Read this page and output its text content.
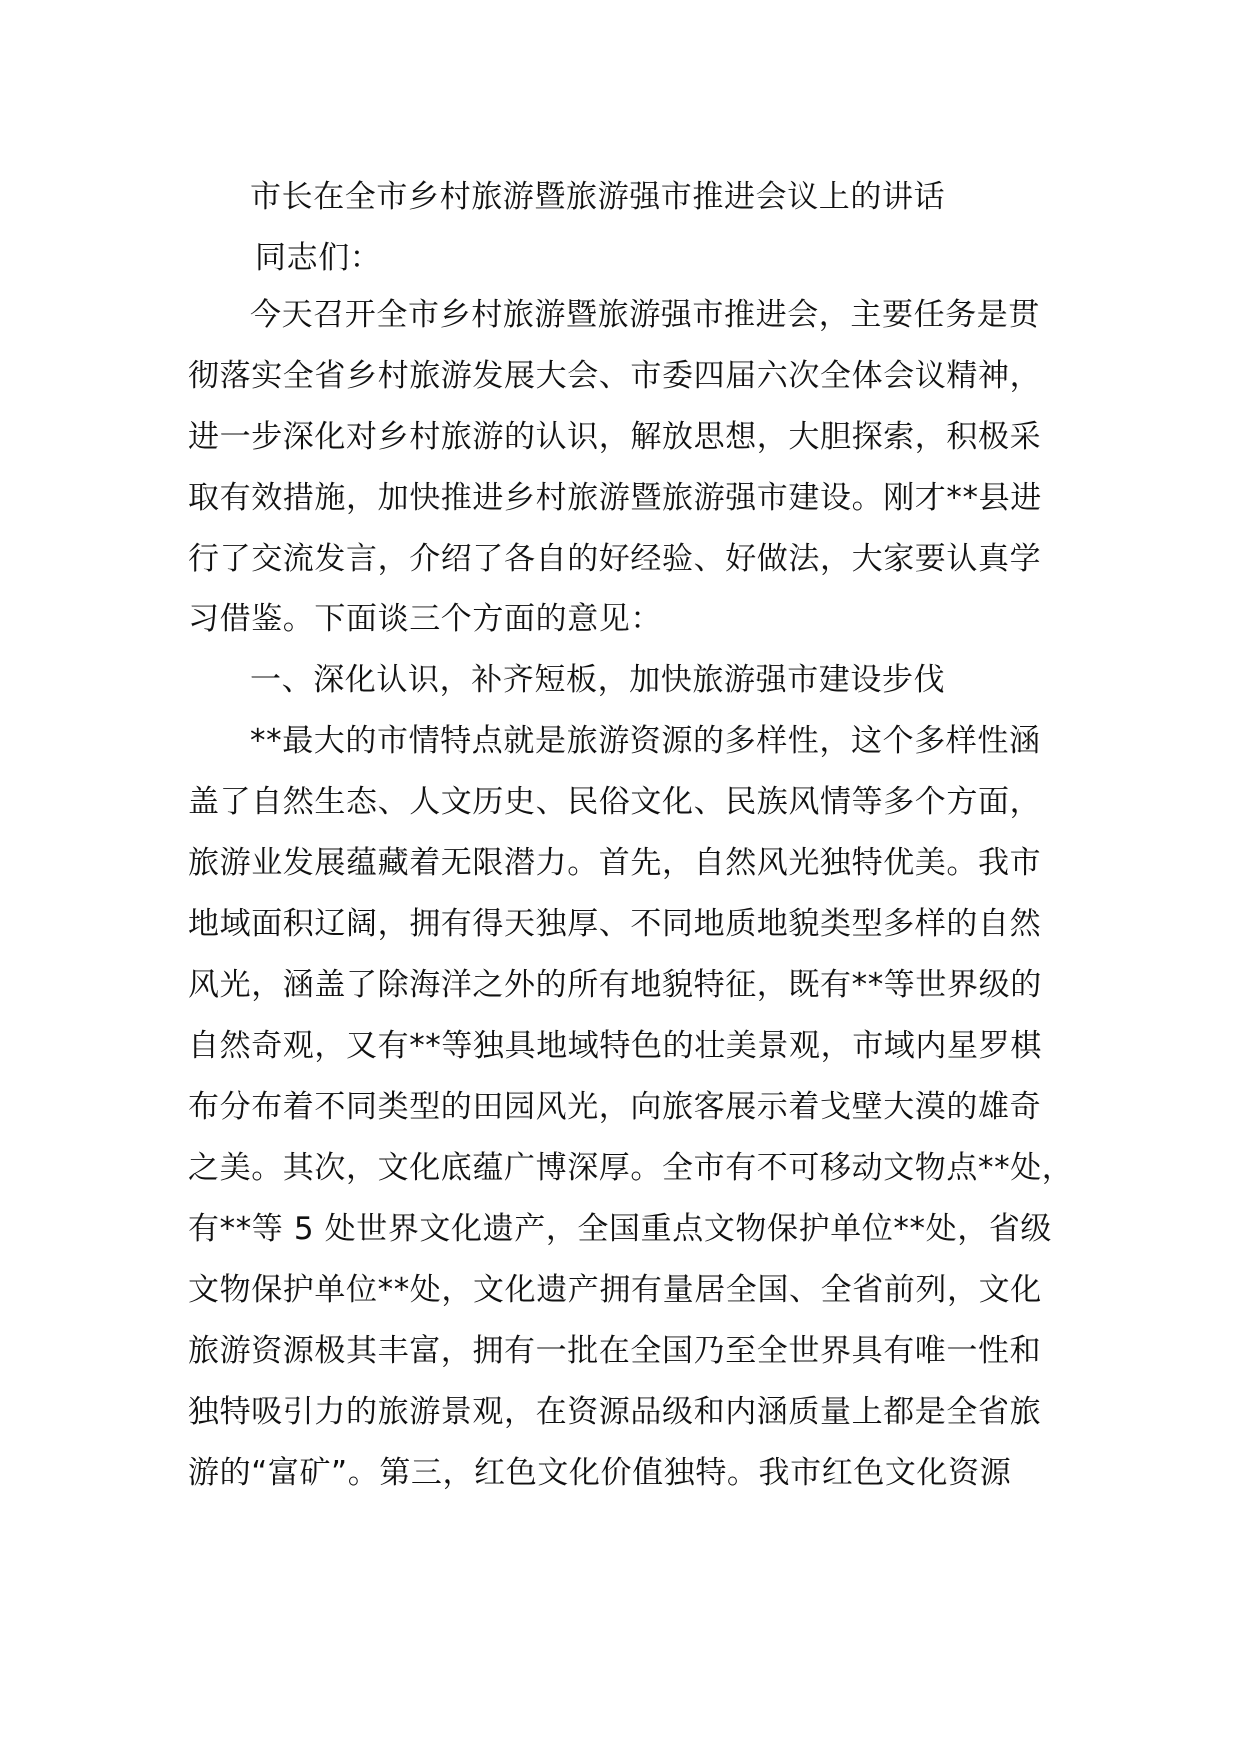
市长在全市乡村旅游暨旅游强市推进会议上的讲话
同志们：
今天召开全市乡村旅游暨旅游强市推进会，主要任务是贯
彻落实全省乡村旅游发展大会、市委四届六次全体会议精神，
进一步深化对乡村旅游的认识，解放思想，大胆探索，积极采
取有效措施，加快推进乡村旅游暨旅游强市建设。刚才**县进
行了交流发言，介绍了各自的好经验、好做法，大家要认真学
习借鉴。下面谈三个方面的意见：
一、深化认识，补齐短板，加快旅游强市建设步伐
**最大的市情特点就是旅游资源的多样性，这个多样性涵
盖了自然生态、人文历史、民俗文化、民族风情等多个方面，
旅游业发展蕴藏着无限潜力。首先，自然风光独特优美。我市
地域面积辽阔，拥有得天独厚、不同地质地貌类型多样的自然
风光，涵盖了除海洋之外的所有地貌特征，既有**等世界级的
自然奇观，又有**等独具地域特色的壮美景观，市域内星罗棋
布分布着不同类型的田园风光，向旅客展示着戈壁大漠的雄奇
之美。其次，文化底蕴广博深厚。全市有不可移动文物点**处，
有**等 5 处世界文化遗产，全国重点文物保护单位**处，省级
文物保护单位**处，文化遗产拥有量居全国、全省前列，文化
旅游资源极其丰富，拥有一批在全国乃至全世界具有唯一性和
独特吸引力的旅游景观，在资源品级和内涵质量上都是全省旅
游的“富矿”。第三，红色文化价值独特。我市红色文化资源
